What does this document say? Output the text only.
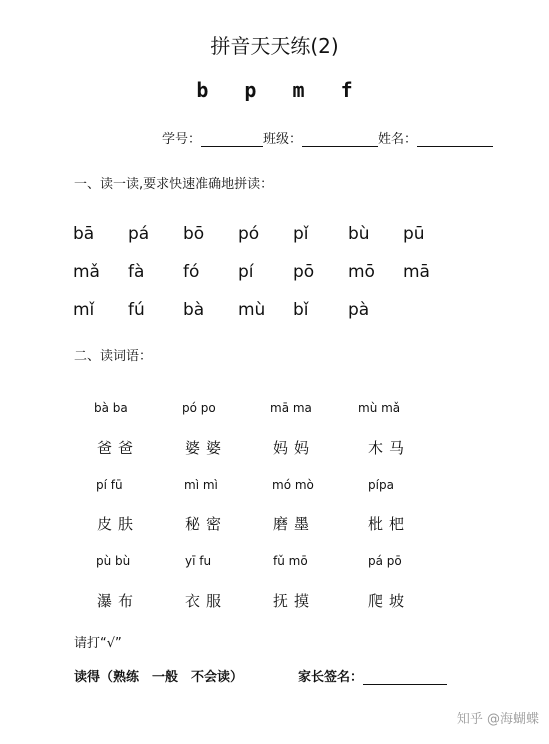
拼音天天练(2)
b p m f
学号：	班级：	姓名：
一、读一读,要求快速准确地拼读：
bā pá bō pó pǐ bù pū
mǎ fà fó pí pō mō mā
mǐ fú bà mù bǐ pà
二、读词语：
bà ba	pó po	mā ma	mù mǎ
爸爸	婆婆	妈妈	木马
pí fū	mì mì	mó mò	pípa
皮肤	秘密	磨墨	枇杷
pù bù	yī fu	fǔ mō	pá pō
瀑布	衣服	抚摸	爬坡
请打“√”
读得（熟练　一般　不会读）	家长签名：
知乎 @海蝴蝶
